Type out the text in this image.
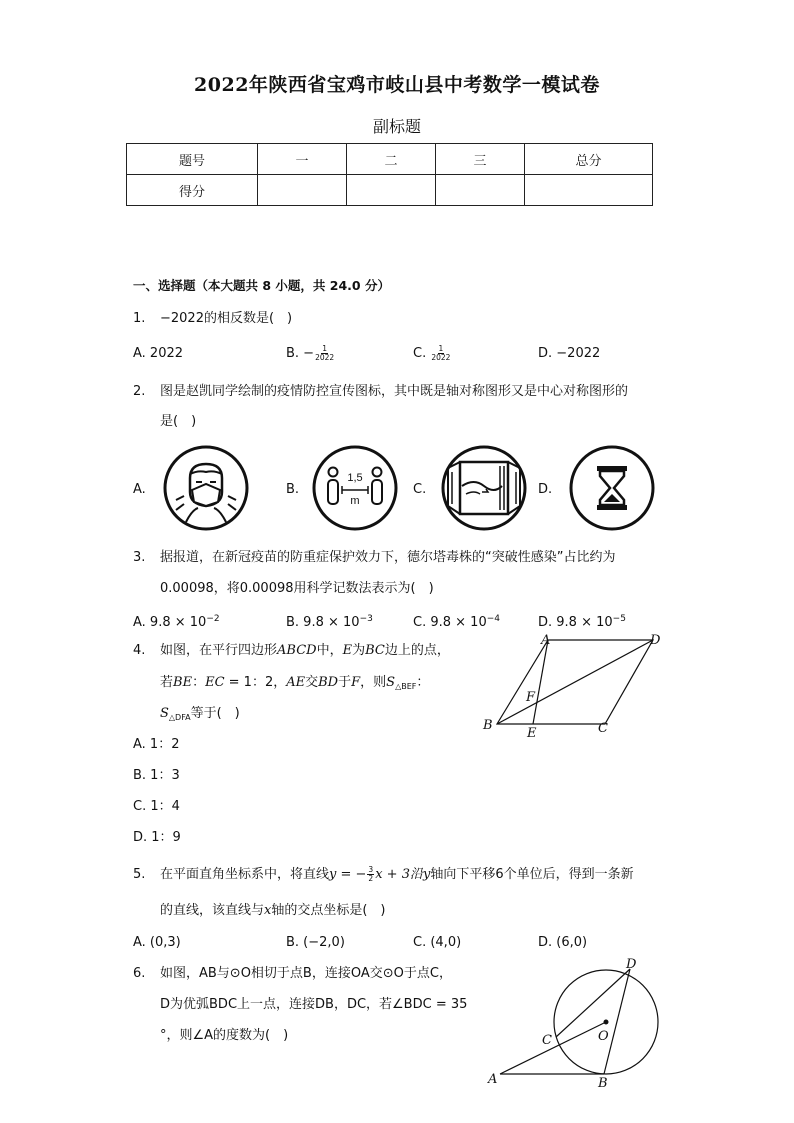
2022年陕西省宝鸡市岐山县中考数学一模试卷
副标题
题号	一	二	三	总分
得分				
一、选择题（本大题共 8 小题，共 24.0 分）
1. −2022的相反数是(　)
A. 2022	B. − $\frac{1}{2022}$	C. $\frac{1}{2022}$	D. −2022
2. 图是赵凯同学绘制的疫情防控宣传图标，其中既是轴对称图形又是中心对称图形的
是(　)
A.	B.
1,5
m
C.	D.
3. 据报道，在新冠疫苗的防重症保护效力下，德尔塔毒株的“突破性感染”占比约为
0.00098，将0.00098用科学记数法表示为(　)
A. $9.8 \times 10^{-2}$	B. $9.8 \times 10^{-3}$	C. $9.8 \times 10^{-4}$	D. $9.8 \times 10^{-5}$
4. 如图，在平行四边形ABCD中，E为BC边上的点，
若BE：EC = 1：2，AE交BD于F，则$S_{\triangle BEF}$：
$S_{\triangle DFA}$等于(　)
A. 1：2
B. 1：3
C. 1：4
D. 1：9
A	D
F
B
E	C
5. 在平面直角坐标系中，将直线y = − $\frac{3}{2}$ x + 3沿y轴向下平移6个单位后，得到一条新
的直线，该直线与x轴的交点坐标是(　)
A. (0,3)	B. (−2,0)	C. (4,0)	D. (6,0)
6. 如图，AB与⊙O相切于点B，连接OA交⊙O于点C，
D为优弧BDC上一点，连接DB，DC，若∠BDC = 35
°，则∠A的度数为(　)
D
O
C
A	B
